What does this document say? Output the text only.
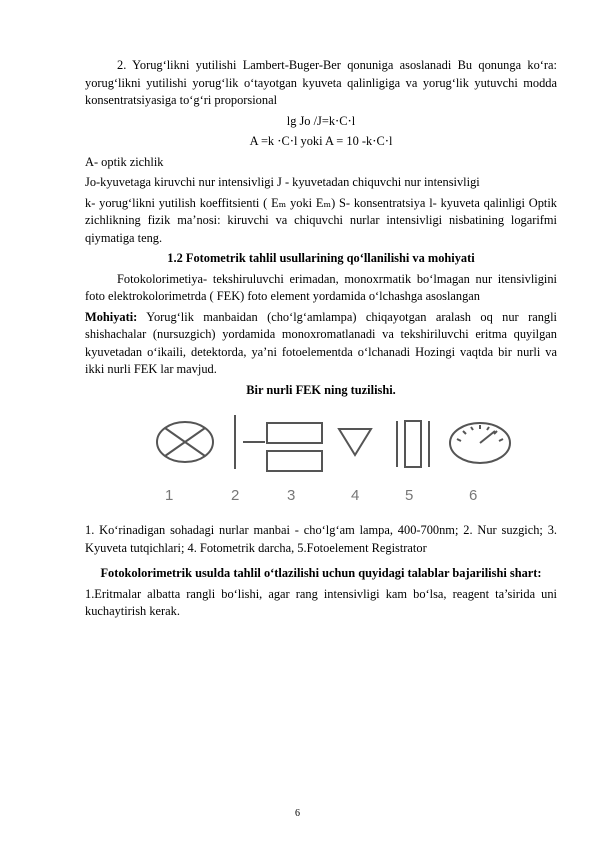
2. Yorug‘likni yutilishi Lambert-Buger-Ber qonuniga asoslanadi Bu qonunga ko‘ra: yorug‘likni yutilishi yorug‘lik o‘tayotgan kyuveta qalinligiga va yorug‘lik yutuvchi modda konsentratsiyasiga to‘g‘ri proporsional

lg Jo /J=k⋅C⋅l

A =k ⋅C⋅l yoki A = 10 -k⋅C⋅l

A- optik zichlik

Jo-kyuvetaga kiruvchi nur intensivligi J - kyuvetadan chiquvchi nur intensivligi

k- yorug‘likni yutilish koeffitsienti ( Eₘ yoki Eₘ) S- konsentratsiya l- kyuveta qalinligi Optik zichlikning fizik ma’nosi: kiruvchi va chiquvchi nurlar intensivligi nisbatining logarifmi qiymatiga teng.

1.2 Fotometrik tahlil usullarining qo‘llanilishi va mohiyati

Fotokolorimetiya- tekshiruluvchi erimadan, monoxrmatik bo‘lmagan nur itensivligini foto elektrokolorimetrda ( FEK) foto element yordamida o‘lchashga asoslangan

Mohiyati: Yorug‘lik manbaidan (cho‘lg‘amlampa) chiqayotgan aralash oq nur rangli shishachalar (nursuzgich) yordamida monoxromatlanadi va tekshiriluvchi eritma quyilgan kyuvetadan o‘ikaili, detektorda, ya’ni fotoelementda o‘lchanadi Hozingi vaqtda bir nurli va ikki nurli FEK lar mavjud.

Bir nurli FEK ning tuzilishi.

1	2	3	4	5	6

1. Ko‘rinadigan sohadagi nurlar manbai - cho‘lg‘am lampa, 400-700nm; 2. Nur suzgich; 3. Kyuveta tutqichlari; 4. Fotometrik darcha, 5.Fotoelement Registrator

Fotokolorimetrik usulda tahlil o‘tlazilishi uchun quyidagi talablar bajarilishi shart:

1.Eritmalar albatta rangli bo‘lishi, agar rang intensivligi kam bo‘lsa, reagent ta’sirida uni kuchaytirish kerak.

6
